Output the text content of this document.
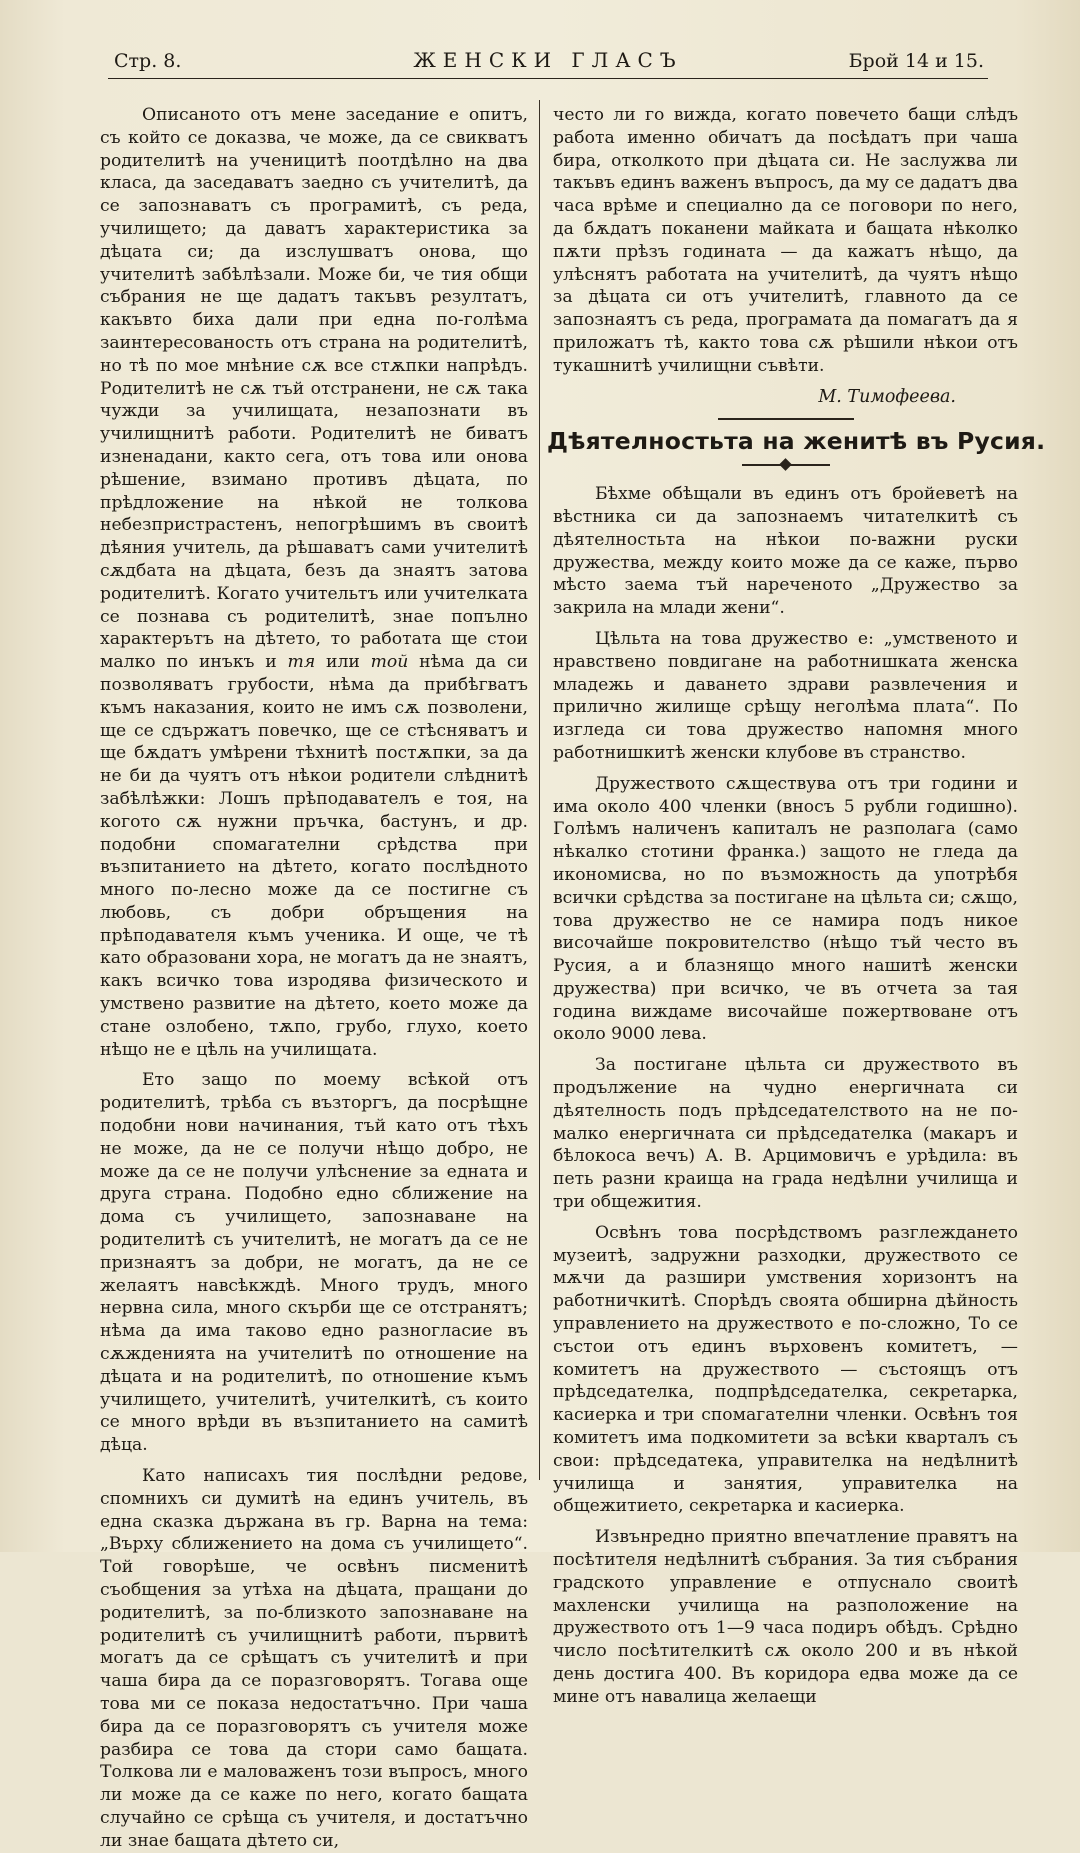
Стр. 8.	ЖЕНСКИ ГЛАСЪ	Брой 14 и 15.

Описаното отъ мене заседание е опитъ, съ който се доказва, че може, да се свикватъ родителитѣ на ученицитѣ поотдѣлно на два класа, да заседаватъ заедно съ учителитѣ, да се запознаватъ съ програмитѣ, съ реда, училището; да даватъ характеристика за дѣцата си; да изслушватъ онова, що учителитѣ забѣлѣзали. Може би, че тия общи събрания не ще дадатъ такъвъ резултатъ, какъвто биха дали при една по-голѣма заинтересованость отъ страна на родителитѣ, но тѣ по мое мнѣние сѫ все стѫпки напрѣдъ. Родителитѣ не сѫ тъй отстранени, не сѫ така чужди за училищата, незапознати въ училищнитѣ работи. Родителитѣ не биватъ изненадани, както сега, отъ това или онова рѣшение, взимано противъ дѣцата, по прѣдложение на нѣкой не толкова небезпристрастенъ, непогрѣшимъ въ своитѣ дѣяния учитель, да рѣшаватъ сами учителитѣ сѫдбата на дѣцата, безъ да знаятъ затова родителитѣ. Когато учительтъ или учителката се познава съ родителитѣ, знае попълно характерътъ на дѣтето, то работата ще стои малко по инъкъ и тя или той нѣма да си позволяватъ грубости, нѣма да прибѣгватъ къмъ наказания, които не имъ сѫ позволени, ще се сдържатъ повечко, ще се стѣсняватъ и ще бѫдатъ умѣрени тѣхнитѣ постѫпки, за да не би да чуятъ отъ нѣкои родители слѣднитѣ забѣлѣжки: Лошъ прѣподавателъ е тоя, на когото сѫ нужни пръчка, бастунъ, и др. подобни спомагателни срѣдства при възпитанието на дѣтето, когато послѣдното много по-лесно може да се постигне съ любовь, съ добри обръщения на прѣподавателя къмъ ученика. И още, че тѣ като образовани хора, не могатъ да не знаятъ, какъ всичко това изродява физическото и умствено развитие на дѣтето, което може да стане озлобено, тѫпо, грубо, глухо, което нѣщо не е цѣль на училищата.

Ето защо по моему всѣкой отъ родителитѣ, трѣба съ възторгъ, да посрѣщне подобни нови начинания, тъй като отъ тѣхъ не може, да не се получи нѣщо добро, не може да се не получи улѣснение за едната и друга страна. Подобно едно сближение на дома съ училището, запознаване на родителитѣ съ учителитѣ, не могатъ да се не признаятъ за добри, не могатъ, да не се желаятъ навсѣкждѣ. Много трудъ, много нервна сила, много скърби ще се отстранятъ; нѣма да има таково едно разногласие въ сѫжденията на учителитѣ по отношение на дѣцата и на родителитѣ, по отношение къмъ училището, учителитѣ, учителкитѣ, съ които се много врѣди въ възпитанието на самитѣ дѣца.

Като написахъ тия послѣдни редове, спомнихъ си думитѣ на единъ учитель, въ една сказка държана въ гр. Варна на тема: „Върху сближението на дома съ училището“. Той говорѣше, че освѣнъ писменитѣ съобщения за утѣха на дѣцата, пращани до родителитѣ, за по-близкото запознаване на родителитѣ съ училищнитѣ работи, първитѣ могатъ да се срѣщатъ съ учителитѣ и при чаша бира да се поразговорятъ. Тогава още това ми се показа недостатъчно. При чаша бира да се поразговорятъ съ учителя може разбира се това да стори само бащата. Толкова ли е маловаженъ този въпросъ, много ли може да се каже по него, когато бащата случайно се срѣща съ учителя, и достатъчно ли знае бащата дѣтето си,

често ли го вижда, когато повечето бащи слѣдъ работа именно обичатъ да посѣдатъ при чаша бира, отколкото при дѣцата си. Не заслужва ли такъвъ единъ важенъ въпросъ, да му се дадатъ два часа врѣме и специално да се поговори по него, да бѫдатъ поканени майката и бащата нѣколко пѫти прѣзъ годината — да кажатъ нѣщо, да улѣснятъ работата на учителитѣ, да чуятъ нѣщо за дѣцата си отъ учителитѣ, главното да се запознаятъ съ реда, програмата да помагатъ да я приложатъ тѣ, както това сѫ рѣшили нѣкои отъ тукашнитѣ училищни съвѣти.

М. Тимофеева.
Дѣятелностьта на женитѣ въ Русия.

Бѣхме обѣщали въ единъ отъ бройеветѣ на вѣстника си да запознаемъ читателкитѣ съ дѣятелностьта на нѣкои по-важни руски дружества, между които може да се каже, първо мѣсто заема тъй нареченото „Дружество за закрила на млади жени“.

Цѣльта на това дружество е: „умственото и нравствено повдигане на работнишката женска младежь и даването здрави развлечения и прилично жилище срѣщу неголѣма плата“. По изгледа си това дружество напомня много работнишкитѣ женски клубове въ странство.

Дружеството сѫществува отъ три години и има около 400 членки (вносъ 5 рубли годишно). Голѣмъ наличенъ капиталъ не разполага (само нѣкалко стотини франка.) защото не гледа да икономисва, но по възможность да употрѣбя всички срѣдства за постигане на цѣльта си; сѫщо, това дружество не се намира подъ никое височайше покровителство (нѣщо тъй често въ Русия, а и блазнящо много нашитѣ женски дружества) при всичко, че въ отчета за тая година виждаме височайше пожертвоване отъ около 9000 лева.

За постигане цѣльта си дружеството въ продължение на чудно енергичната си дѣятелность подъ прѣдседателството на не по-малко енергичната си прѣдседателка (макаръ и бѣлокоса вечъ) А. В. Арцимовичъ е урѣдила: въ петь разни краища на града недѣлни училища и три общежития.

Освѣнъ това посрѣдствомъ разглеждането музеитѣ, задружни разходки, дружеството се мѫчи да разшири умствения хоризонтъ на работничкитѣ. Спорѣдъ своята обширна дѣйность управлението на дружеството е по-сложно, То се състои отъ единъ върховенъ комитетъ, — комитетъ на дружеството — състоящъ отъ прѣдседателка, подпрѣдседателка, секретарка, касиерка и три спомагателни членки. Освѣнъ тоя комитетъ има подкомитети за всѣки кварталъ съ свои: прѣдседатека, управителка на недѣлнитѣ училища и занятия, управителка на общежитието, секретарка и касиерка.

Извънредно приятно впечатление правятъ на посѣтителя недѣлнитѣ събрания. За тия събрания градското управление е отпуснало своитѣ махленски училища на разположение на дружеството отъ 1—9 часа подиръ обѣдъ. Срѣдно число посѣтителкитѣ сѫ около 200 и въ нѣкой день достига 400. Въ коридора едва може да се мине отъ навалица желаещи
